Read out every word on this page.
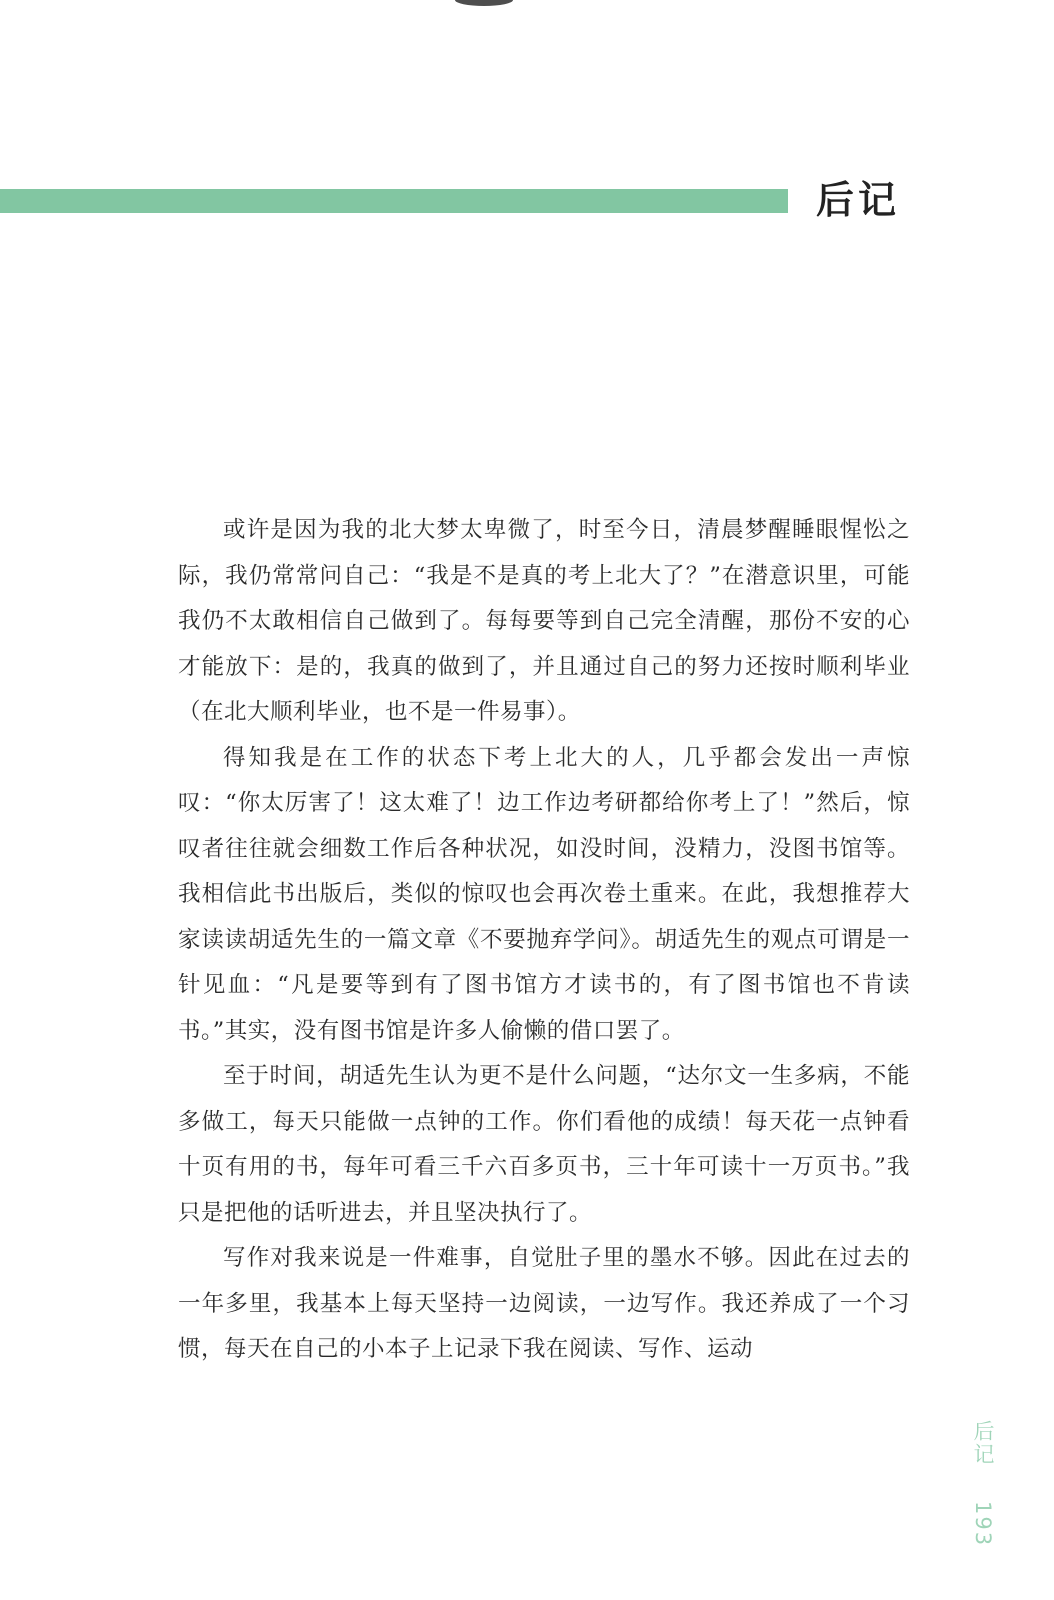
后记

或许是因为我的北大梦太卑微了，时至今日，清晨梦醒睡眼惺忪之际，我仍常常问自己：“我是不是真的考上北大了？”在潜意识里，可能我仍不太敢相信自己做到了。每每要等到自己完全清醒，那份不安的心才能放下：是的，我真的做到了，并且通过自己的努力还按时顺利毕业（在北大顺利毕业，也不是一件易事）。

得知我是在工作的状态下考上北大的人，几乎都会发出一声惊叹：“你太厉害了！这太难了！边工作边考研都给你考上了！”然后，惊叹者往往就会细数工作后各种状况，如没时间，没精力，没图书馆等。我相信此书出版后，类似的惊叹也会再次卷土重来。在此，我想推荐大家读读胡适先生的一篇文章《不要抛弃学问》。胡适先生的观点可谓是一针见血：“凡是要等到有了图书馆方才读书的，有了图书馆也不肯读书。”其实，没有图书馆是许多人偷懒的借口罢了。

至于时间，胡适先生认为更不是什么问题，“达尔文一生多病，不能多做工，每天只能做一点钟的工作。你们看他的成绩！每天花一点钟看十页有用的书，每年可看三千六百多页书，三十年可读十一万页书。”我只是把他的话听进去，并且坚决执行了。

写作对我来说是一件难事，自觉肚子里的墨水不够。因此在过去的一年多里，我基本上每天坚持一边阅读，一边写作。我还养成了一个习惯，每天在自己的小本子上记录下我在阅读、写作、运动

后记  193
